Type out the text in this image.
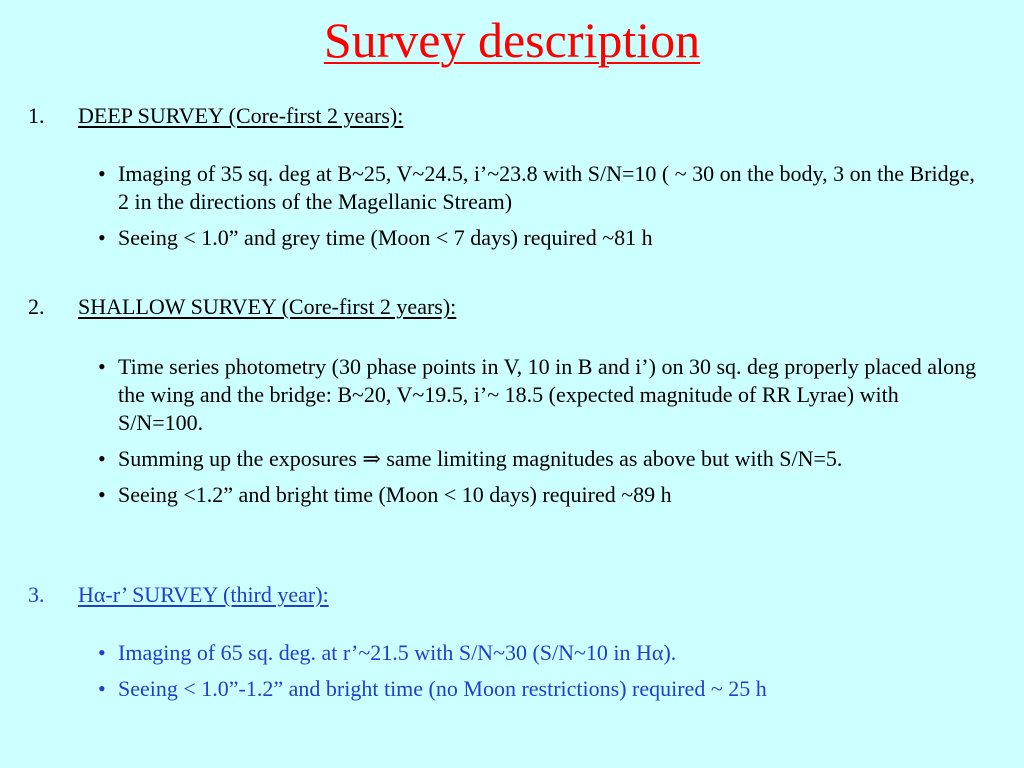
Survey description
1. DEEP SURVEY (Core-first 2 years):
• Imaging of 35 sq. deg at B~25, V~24.5, i’~23.8 with S/N=10 ( ~ 30 on the body, 3 on the Bridge, 2 in the directions of the Magellanic Stream)
• Seeing < 1.0” and grey time (Moon < 7 days) required ~81 h
2. SHALLOW SURVEY (Core-first 2 years):
• Time series photometry (30 phase points in V, 10 in B and i’) on 30 sq. deg properly placed along the wing and the bridge: B~20, V~19.5, i’~ 18.5 (expected magnitude of RR Lyrae) with S/N=100.
• Summing up the exposures ⇒ same limiting magnitudes as above but with S/N=5.
• Seeing <1.2” and bright time (Moon < 10 days) required ~89 h
3. Hα-r’ SURVEY (third year):
• Imaging of 65 sq. deg. at r’~21.5 with S/N~30 (S/N~10 in Hα).
• Seeing < 1.0”-1.2” and bright time (no Moon restrictions) required ~ 25 h
